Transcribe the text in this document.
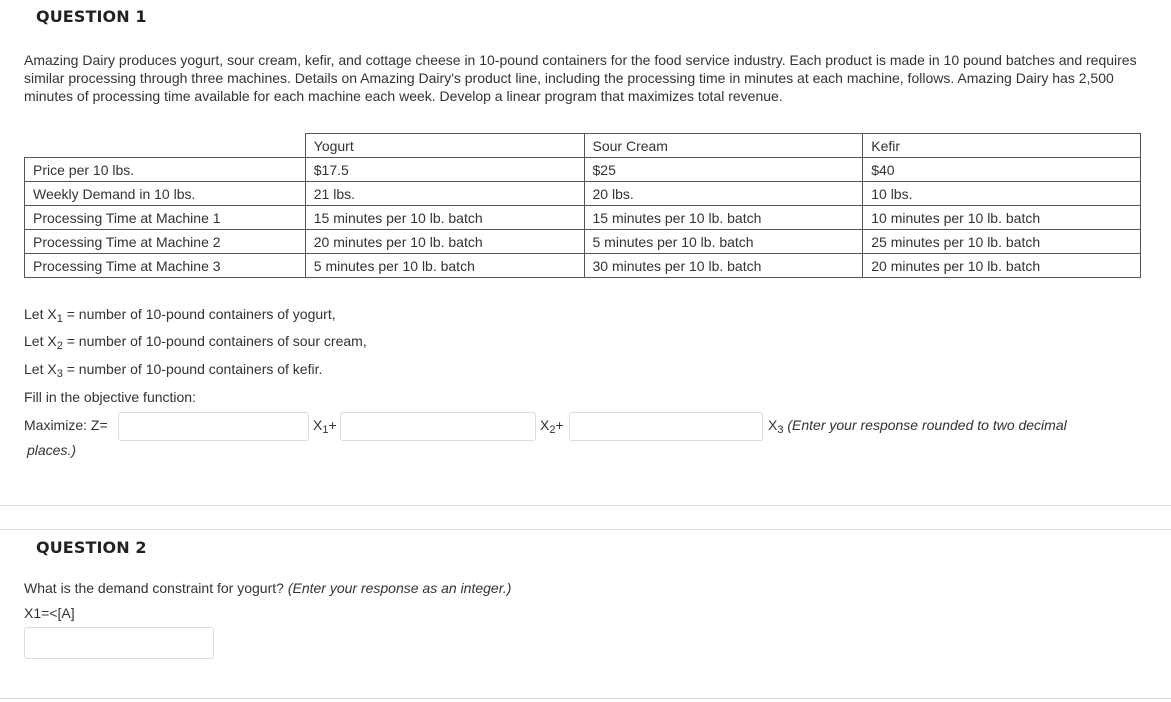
QUESTION 1
Amazing Dairy produces yogurt, sour cream, kefir, and cottage cheese in 10-pound containers for the food service industry. Each product is made in 10 pound batches and requires similar processing through three machines. Details on Amazing Dairy's product line, including the processing time in minutes at each machine, follows. Amazing Dairy has 2,500 minutes of processing time available for each machine each week. Develop a linear program that maximizes total revenue.
	Yogurt	Sour Cream	Kefir
Price per 10 lbs.	$17.5	$25	$40
Weekly Demand in 10 lbs.	21 lbs.	20 lbs.	10 lbs.
Processing Time at Machine 1	15 minutes per 10 lb. batch	15 minutes per 10 lb. batch	10 minutes per 10 lb. batch
Processing Time at Machine 2	20 minutes per 10 lb. batch	5 minutes per 10 lb. batch	25 minutes per 10 lb. batch
Processing Time at Machine 3	5 minutes per 10 lb. batch	30 minutes per 10 lb. batch	20 minutes per 10 lb. batch
Let $X_1$ = number of 10-pound containers of yogurt,
Let $X_2$ = number of 10-pound containers of sour cream,
Let $X_3$ = number of 10-pound containers of kefir.
Fill in the objective function:
Maximize: Z=	$X_1+$	$X_2+$	$X_3$ (Enter your response rounded to two decimal
places.)
QUESTION 2
What is the demand constraint for yogurt? (Enter your response as an integer.)
X1=<[A]
